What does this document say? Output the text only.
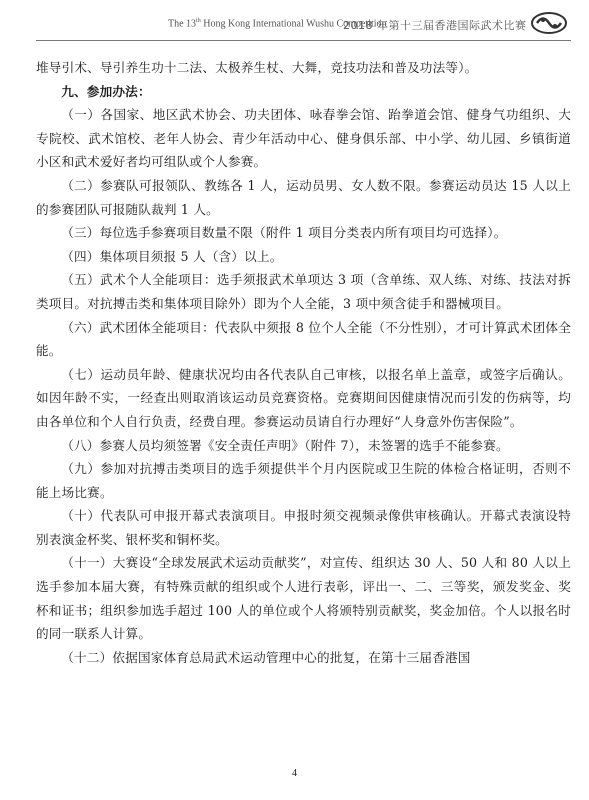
The 13th Hong Kong International Wushu Competition
2018 年第十三届香港国际武术比赛

堆导引术、导引养生功十二法、太极养生杖、大舞，竞技功法和普及功法等）。

九、参加办法：

（一）各国家、地区武术协会、功夫团体、咏春拳会馆、跆拳道会馆、健身气功组织、大专院校、武术馆校、老年人协会、青少年活动中心、健身俱乐部、中小学、幼儿园、乡镇街道小区和武术爱好者均可组队或个人参赛。

（二）参赛队可报领队、教练各 1 人，运动员男、女人数不限。参赛运动员达 15 人以上的参赛团队可报随队裁判 1 人。

（三）每位选手参赛项目数量不限（附件 1 项目分类表内所有项目均可选择）。

（四）集体项目须报 5 人（含）以上。

（五）武术个人全能项目：选手须报武术单项达 3 项（含单练、双人练、对练、技法对拆类项目。对抗搏击类和集体项目除外）即为个人全能，3 项中须含徒手和器械项目。

（六）武术团体全能项目：代表队中须报 8 位个人全能（不分性别），才可计算武术团体全能。

（七）运动员年龄、健康状况均由各代表队自己审核，以报名单上盖章，或签字后确认。如因年龄不实，一经查出则取消该运动员竞赛资格。竞赛期间因健康情况而引发的伤病等，均由各单位和个人自行负责，经费自理。参赛运动员请自行办理好“人身意外伤害保险”。

（八）参赛人员均须签署《安全责任声明》（附件 7），未签署的选手不能参赛。

（九）参加对抗搏击类项目的选手须提供半个月内医院或卫生院的体检合格证明，否则不能上场比赛。

（十）代表队可申报开幕式表演项目。申报时须交视频录像供审核确认。开幕式表演设特别表演金杯奖、银杯奖和铜杯奖。

（十一）大赛设“全球发展武术运动贡献奖”，对宣传、组织达 30 人、50 人和 80 人以上选手参加本届大赛，有特殊贡献的组织或个人进行表彰，评出一、二、三等奖，颁发奖金、奖杯和证书；组织参加选手超过 100 人的单位或个人将颁特别贡献奖，奖金加倍。个人以报名时的同一联系人计算。

（十二）依据国家体育总局武术运动管理中心的批复，在第十三届香港国

4
